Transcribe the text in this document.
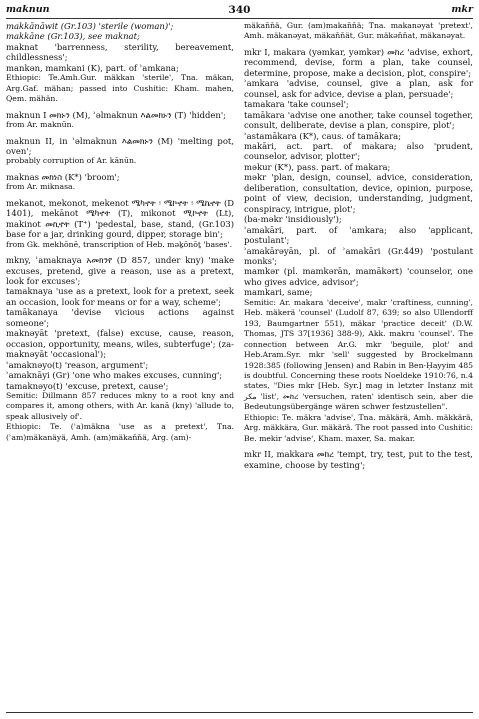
maknun	340	mkr

makkānāwit (Gr.103) 'sterile (woman)';

makkāne (Gr.103), see maknat;

maknat 'barrenness, sterility, bereavement, childlessness';

mankən, mamkani (K), part. of ʾamkana;

Ethiopic: Te.Amh.Gur. mäkkan 'sterile', Tna. mäkan, Arg.Gaf. mähan; passed into Cushitic: Kham. mahen, Qem. mähän.

maknun I መክኑን (M), ʾəlmaknun እልመክኑን (T) 'hidden';

from Ar. maknūn.

maknun II, in ʾəlmaknun እልመክኑን (M) 'melting pot, oven';

probably corruption of Ar. kānūn.

maknas መክነስ (K*) 'broom';

from Ar. miknasa.

mekanot, mekonot, mekenot ሜካኖት ፡ ሜኮኖት ፡ ሜኬኖት (D 1401), mekānot ሜካኖት (T), mikonot ሚኮኖት (Lt), makinot መኪኖት (T⁺) 'pedestal, base, stand, (Gr.103) base for a jar, drinking gourd, dipper, storage bin';

from Gk. mekhōnē, transcription of Heb. məḵōnōṯ 'bases'.

mkny, ʾamaknaya አመክንየ (D 857, under kny) 'make excuses, pretend, give a reason, use as a pretext, look for excuses';

tamaknaya 'use as a pretext, look for a pretext, seek an occasion, look for means or for a way, scheme';

tamākanaya 'devise vicious actions against someone';

maknəyāt 'pretext, (false) excuse, cause, reason, occasion, opportunity, means, wiles, subterfuge'; (za-maknəyāt 'occasional');

ʾamaknəyo(t) 'reason, argument';

ʾamaknāyi (Gr) 'one who makes excuses, cunning';

tamaknəyo(t) 'excuse, pretext, cause';

Semitic: Dillmann 857 reduces mkny to a root kny and compares it, among others, with Ar. kanā (kny) 'allude to, speak allusively of'.

Ethiopic: Te. (ʾa)mäkna 'use as a pretext', Tna. (ʾam)mäkanäyä, Amh. (am)mäkaňňä, Arg. (am)-

mäkaňňä, Gur. (am)makaňňä; Tna. makanəyat 'pretext', Amh. mäkanəyat, mäkaňňät, Gur. mäkəňňat, mäkanəyat.

mkr I, makara (yəmkar, yəmkər) መከረ 'advise, exhort, recommend, devise, form a plan, take counsel, determine, propose, make a decision, plot, conspire';

ʾamkara 'advise, counsel, give a plan, ask for counsel, ask for advice, devise a plan, persuade';

tamakara 'take counsel';

tamākara 'advise one another, take counsel together, consult, deliberate, devise a plan, conspire, plot';

ʾastamākara (K*), caus. of tamākara;

makāri, act. part. of makara; also 'prudent, counselor, advisor, plotter';

məkur (K*), pass. part. of makara;

mәkr 'plan, design, counsel, advice, consideration, deliberation, consultation, device, opinion, purpose, point of view, decision, understanding, judgment, conspiracy, intrigue, plot';

(ba-məkr 'insidiously');

ʾamakāri, part. of ʾamkara; also 'applicant, postulant';

ʾamakārəyān, pl. of ʾamakāri (Gr.449) 'postulant monks';

mamkər (pl. mamkərān, mamākərt) 'counselor, one who gives advice, advisor';

mamkari, same;

Semitic: Ar. makara 'deceive', makr 'craftiness, cunning', Heb. mäkerä 'counsel' (Ludolf 87, 639; so also Ullendorff 193, Baumgartner 551), mäkar 'practice deceit' (D.W. Thomas, JTS 37[1936] 388-9), Akk. makru 'counsel'. The connection between Ar.G. mkr 'beguile, plot' and Heb.Aram.Syr. mkr 'sell' suggested by Brockelmann 1928:385 (following Jensen) and Rabin in Ben-Ḥayyim 485 is doubtful. Concerning these roots Noeldeke 1910:76, n.4 states, "Dies mkr [Heb. Syr.] mag in letzter Instanz mit مكر 'list', መከረ 'versuchen, raten' identisch sein, aber die Bedeutungsübergänge wären schwer festzustellen".

Ethiopic: Te. mäkra 'advise', Tna. mäkärä, Amh. mäkkärä, Arg. mäkkära, Gur. mäkärä. The root passed into Cushitic: Be. mekir 'advise', Kham. maxer, Sa. makar.

mkr II, makkara መከረ 'tempt, try, test, put to the test, examine, choose by testing';
